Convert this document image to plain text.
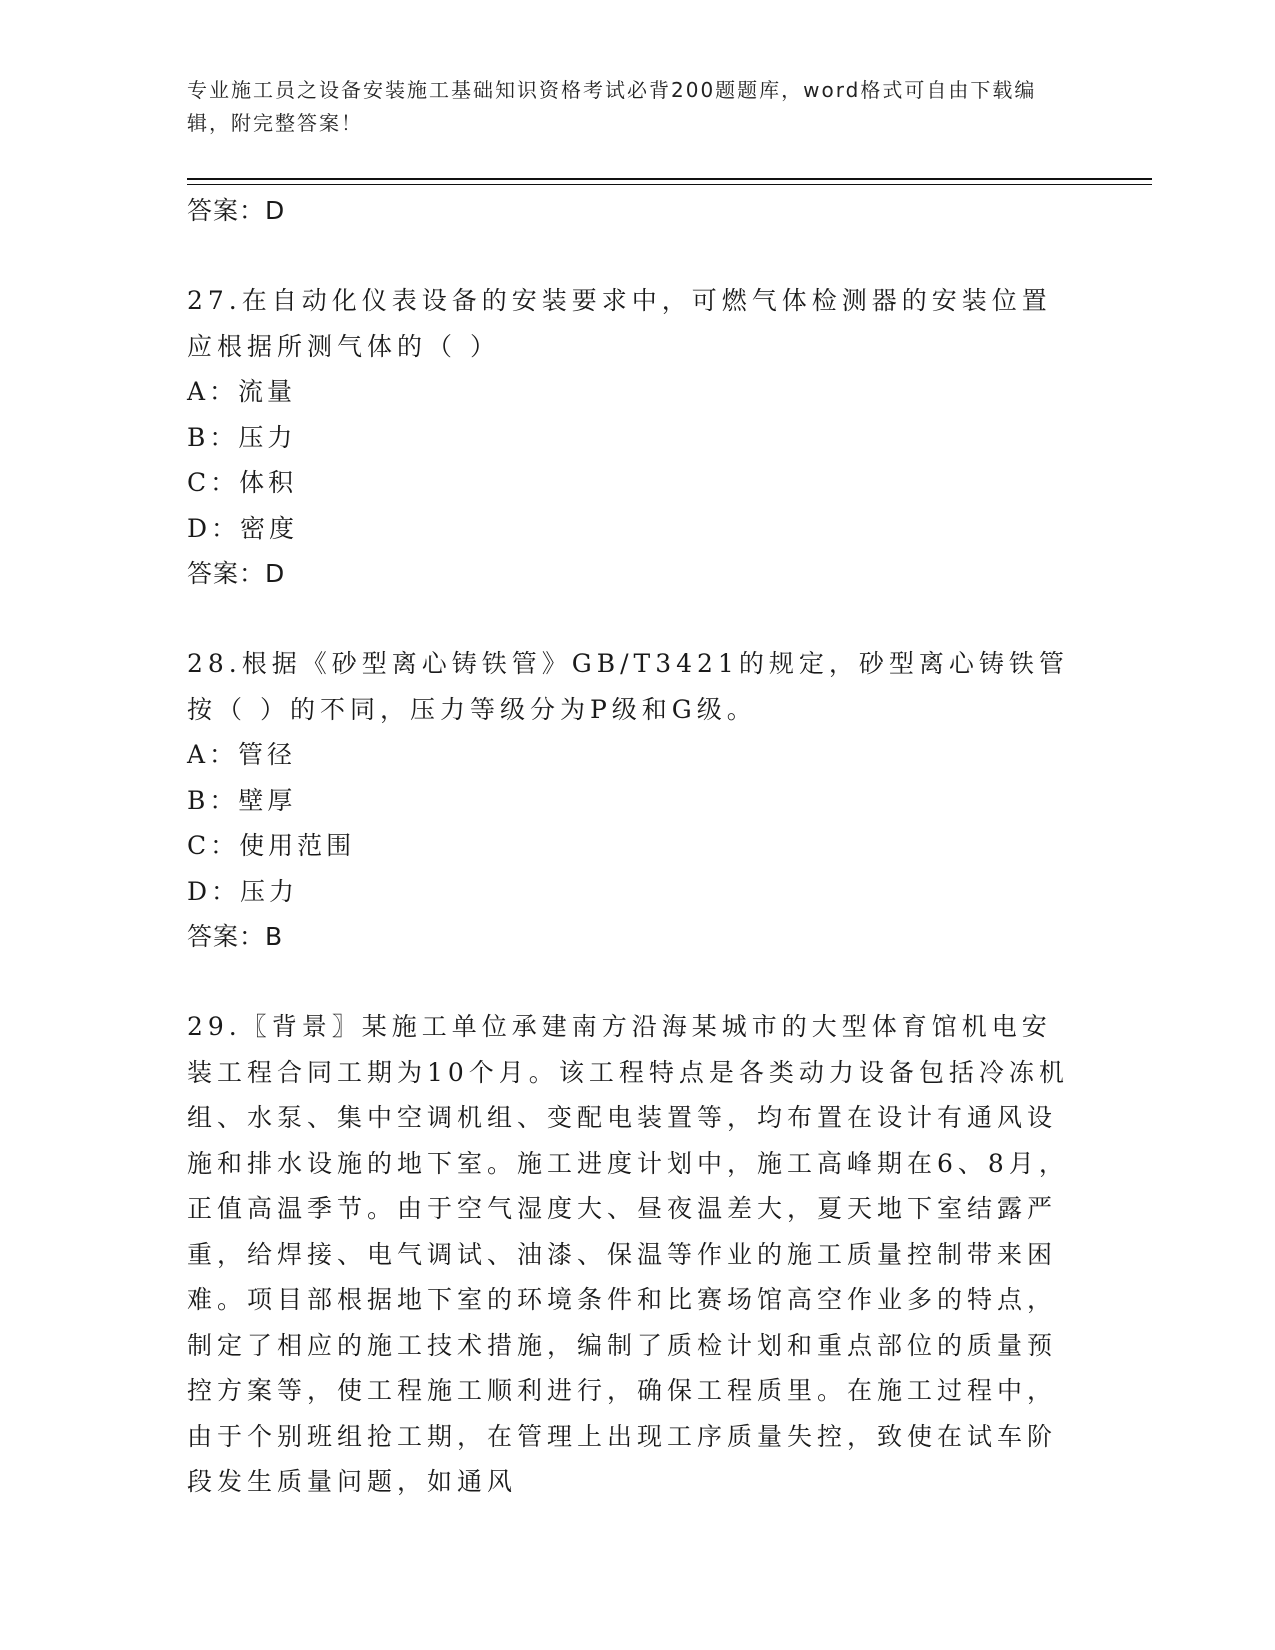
专业施工员之设备安装施工基础知识资格考试必背200题题库，word格式可自由下载编辑，附完整答案！
答案：D
27.在自动化仪表设备的安装要求中，可燃气体检测器的安装位置应根据所测气体的（ ）
A：流量
B：压力
C：体积
D：密度
答案：D
28.根据《砂型离心铸铁管》GB/T3421的规定，砂型离心铸铁管按（ ）的不同，压力等级分为P级和G级。
A：管径
B：壁厚
C：使用范围
D：压力
答案：B
29.〖背景〗某施工单位承建南方沿海某城市的大型体育馆机电安装工程合同工期为10个月。该工程特点是各类动力设备包括冷冻机组、水泵、集中空调机组、变配电装置等，均布置在设计有通风设施和排水设施的地下室。施工进度计划中，施工高峰期在6、8月，正值高温季节。由于空气湿度大、昼夜温差大，夏天地下室结露严重，给焊接、电气调试、油漆、保温等作业的施工质量控制带来困难。项目部根据地下室的环境条件和比赛场馆高空作业多的特点，制定了相应的施工技术措施，编制了质检计划和重点部位的质量预控方案等，使工程施工顺利进行，确保工程质里。在施工过程中，由于个别班组抢工期，在管理上出现工序质量失控，致使在试车阶段发生质量问题，如通风
